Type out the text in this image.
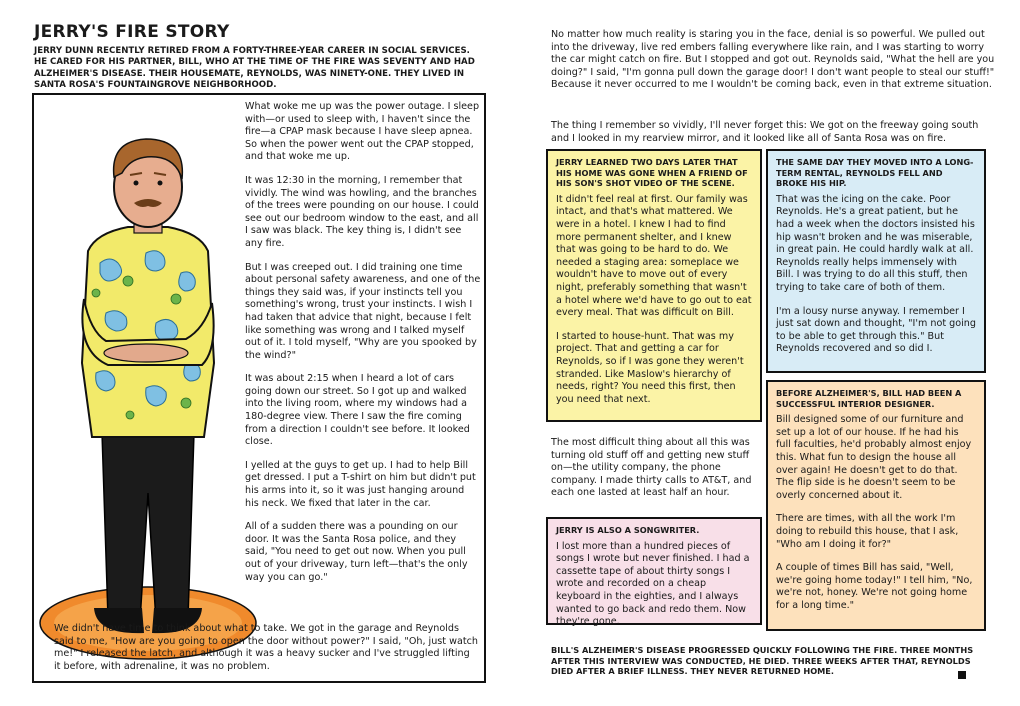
JERRY'S FIRE STORY
JERRY DUNN RECENTLY RETIRED FROM A FORTY-THREE-YEAR CAREER IN SOCIAL SERVICES. HE CARED FOR HIS PARTNER, BILL, WHO AT THE TIME OF THE FIRE WAS SEVENTY AND HAD ALZHEIMER'S DISEASE. THEIR HOUSEMATE, REYNOLDS, WAS NINETY-ONE. THEY LIVED IN SANTA ROSA'S FOUNTAINGROVE NEIGHBORHOOD.

What woke me up was the power outage. I sleep with—or used to sleep with, I haven't since the fire—a CPAP mask because I have sleep apnea. So when the power went out the CPAP stopped, and that woke me up.

It was 12:30 in the morning, I remember that vividly. The wind was howling, and the branches of the trees were pounding on our house. I could see out our bedroom window to the east, and all I saw was black. The key thing is, I didn't see any fire.

But I was creeped out. I did training one time about personal safety awareness, and one of the things they said was, if your instincts tell you something's wrong, trust your instincts. I wish I had taken that advice that night, because I felt like something was wrong and I talked myself out of it. I told myself, "Why are you spooked by the wind?"

It was about 2:15 when I heard a lot of cars going down our street. So I got up and walked into the living room, where my windows had a 180-degree view. There I saw the fire coming from a direction I couldn't see before. It looked close.

I yelled at the guys to get up. I had to help Bill get dressed. I put a T-shirt on him but didn't put his arms into it, so it was just hanging around his neck. We fixed that later in the car.

All of a sudden there was a pounding on our door. It was the Santa Rosa police, and they said, "You need to get out now. When you pull out of your driveway, turn left—that's the only way you can go."

We didn't have time to think about what to take. We got in the garage and Reynolds said to me, "How are you going to open the door without power?" I said, "Oh, just watch me!" I released the latch, and although it was a heavy sucker and I've struggled lifting it before, with adrenaline, it was no problem.
No matter how much reality is staring you in the face, denial is so powerful. We pulled out into the driveway, live red embers falling everywhere like rain, and I was starting to worry the car might catch on fire. But I stopped and got out. Reynolds said, "What the hell are you doing?" I said, "I'm gonna pull down the garage door! I don't want people to steal our stuff!" Because it never occurred to me I wouldn't be coming back, even in that extreme situation.
The thing I remember so vividly, I'll never forget this: We got on the freeway going south and I looked in my rearview mirror, and it looked like all of Santa Rosa was on fire.
JERRY LEARNED TWO DAYS LATER THAT HIS HOME WAS GONE WHEN A FRIEND OF HIS SON'S SHOT VIDEO OF THE SCENE.

It didn't feel real at first. Our family was intact, and that's what mattered. We were in a hotel. I knew I had to find more permanent shelter, and I knew that was going to be hard to do. We needed a staging area: someplace we wouldn't have to move out of every night, preferably something that wasn't a hotel where we'd have to go out to eat every meal. That was difficult on Bill.

I started to house-hunt. That was my project. That and getting a car for Reynolds, so if I was gone they weren't stranded. Like Maslow's hierarchy of needs, right? You need this first, then you need that next.

THE SAME DAY THEY MOVED INTO A LONG-TERM RENTAL, REYNOLDS FELL AND BROKE HIS HIP.

That was the icing on the cake. Poor Reynolds. He's a great patient, but he had a week when the doctors insisted his hip wasn't broken and he was miserable, in great pain. He could hardly walk at all. Reynolds really helps immensely with Bill. I was trying to do all this stuff, then trying to take care of both of them.

I'm a lousy nurse anyway. I remember I just sat down and thought, "I'm not going to be able to get through this." But Reynolds recovered and so did I.

The most difficult thing about all this was turning old stuff off and getting new stuff on—the utility company, the phone company. I made thirty calls to AT&T, and each one lasted at least half an hour.
JERRY IS ALSO A SONGWRITER.

I lost more than a hundred pieces of songs I wrote but never finished. I had a cassette tape of about thirty songs I wrote and recorded on a cheap keyboard in the eighties, and I always wanted to go back and redo them. Now they're gone.

BEFORE ALZHEIMER'S, BILL HAD BEEN A SUCCESSFUL INTERIOR DESIGNER.

Bill designed some of our furniture and set up a lot of our house. If he had his full faculties, he'd probably almost enjoy this. What fun to design the house all over again! He doesn't get to do that. The flip side is he doesn't seem to be overly concerned about it.

There are times, with all the work I'm doing to rebuild this house, that I ask, "Who am I doing it for?"

A couple of times Bill has said, "Well, we're going home today!" I tell him, "No, we're not, honey. We're not going home for a long time."

BILL'S ALZHEIMER'S DISEASE PROGRESSED QUICKLY FOLLOWING THE FIRE. THREE MONTHS AFTER THIS INTERVIEW WAS CONDUCTED, HE DIED. THREE WEEKS AFTER THAT, REYNOLDS DIED AFTER A BRIEF ILLNESS. THEY NEVER RETURNED HOME.
